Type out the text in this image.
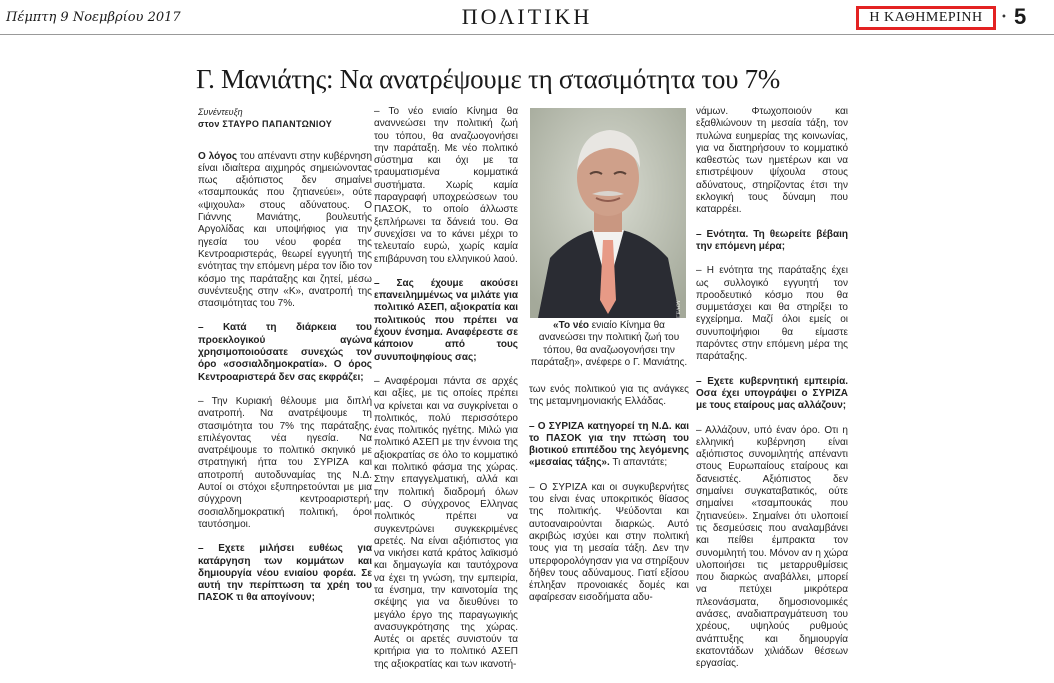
Πέμπτη 9 Νοεμβρίου 2017	ΠΟΛΙΤΙΚΗ	Η ΚΑΘΗΜΕΡΙΝΗ	• 5
Γ. Μανιάτης: Να ανατρέψουμε τη στασιμότητα του 7%
Συνέντευξη
στον ΣΤΑΥΡΟ ΠΑΠΑΝΤΩΝΙΟΥ

Ο λόγος του απέναντι στην κυβέρνηση είναι ιδιαίτερα αιχμηρός σημειώνοντας πως αξιόπιστος δεν σημαίνει «τσαμπουκάς που ζητιανεύει», ούτε «ψιχουλα» στους αδύνατους. Ο Γιάννης Μανιάτης, βουλευτής Αργολίδας και υποψήφιος για την ηγεσία του νέου φορέα της Κεντροαριστεράς, θεωρεί εγγυητή της ενότητας την επόμενη μέρα τον ίδιο τον κόσμο της παράταξης και ζητεί, μέσω συνέντευξης στην «Κ», ανατροπή της στασιμότητας του 7%.

– Κατά τη διάρκεια του προεκλογικού αγώνα χρησιμοποιούσατε συνεχώς τον όρο «σοσιαλδημοκρατία». Ο όρος Κεντροαριστερά δεν σας εκφράζει;

– Την Κυριακή θέλουμε μια διπλή ανατροπή. Να ανατρέψουμε τη στασιμότητα του 7% της παράταξης, επιλέγοντας νέα ηγεσία. Να ανατρέψουμε το πολιτικό σκηνικό με στρατηγική ήττα του ΣΥΡΙΖΑ και αποτροπή αυτοδυναμίας της Ν.Δ. Αυτοί οι στόχοι εξυπηρετούνται με μια σύγχρονη κεντροαριστερή, σοσιαλδημοκρατική πολιτική, όροι ταυτόσημοι.

– Εχετε μιλήσει ευθέως για κατάργηση των κομμάτων και δημιουργία νέου ενιαίου φορέα. Σε αυτή την περίπτωση τα χρέη του ΠΑΣΟΚ τι θα απογίνουν;

– Το νέο ενιαίο Κίνημα θα αναννεώσει την πολιτική ζωή του τόπου, θα αναζωογονήσει την παράταξη. Με νέο πολιτικό σύστημα και όχι με τα τραυματισμένα κομματικά συστήματα. Χωρίς καμία παραγραφή υποχρεώσεων του ΠΑΣΟΚ, το οποίο άλλωστε ξεπλήρωνει τα δάνειά του. Θα συνεχίσει να το κάνει μέχρι το τελευταίο ευρώ, χωρίς καμία επιβάρυνση του ελληνικού λαού.

– Σας έχουμε ακούσει επανειλημμένως να μιλάτε για πολιτικό ΑΣΕΠ, αξιοκρατία και πολιτικούς που πρέπει να έχουν ένσημα. Αναφέρεστε σε κάποιον από τους συνυποψηφίους σας;

– Αναφέρομαι πάντα σε αρχές και αξίες, με τις οποίες πρέπει να κρίνεται και να συγκρίνεται ο πολιτικός, πολύ περισσότερο ένας πολιτικός ηγέτης. Μιλώ για πολιτικό ΑΣΕΠ με την έννοια της αξιοκρατίας σε όλο το κομματικό και πολιτικό φάσμα της χώρας. Στην επαγγελματική, αλλά και την πολιτική διαδρομή όλων μας. Ο σύγχρονος Ελληνας πολιτικός πρέπει να συγκεντρώνει συγκεκριμένες αρετές. Να είναι αξιόπιστος για να νικήσει κατά κράτος λαϊκισμό και δημαγωγία και ταυτόχρονα να έχει τη γνώση, την εμπειρία, τα ένσημα, την καινοτομία της σκέψης για να διευθύνει το μεγάλο έργο της παραγωγικής ανασυγκρότησης της χώρας. Αυτές οι αρετές συνιστούν τα κριτήρια για το πολιτικό ΑΣΕΠ της αξιοκρατίας και των ικανοτή-

ΔΗΜΗΤΡΗΣ ΠΑΠΑΓΓΕΛΟΥ
«Το νέο ενιαίο Κίνημα θα ανανεώσει την πολιτική ζωή του τόπου, θα αναζωογονήσει την παράταξη», ανέφερε ο Γ. Μανιάτης.

των ενός πολιτικού για τις ανάγκες της μεταμνημονιακής Ελλάδας.

– Ο ΣΥΡΙΖΑ κατηγορεί τη Ν.Δ. και το ΠΑΣΟΚ για την πτώση του βιοτικού επιπέδου της λεγόμενης «μεσαίας τάξης». Τι απαντάτε;

– Ο ΣΥΡΙΖΑ και οι συγκυβερνήτες του είναι ένας υποκριτικός θίασος της πολιτικής. Ψεύδονται και αυτοαναιρούνται διαρκώς. Αυτό ακριβώς ισχύει και στην πολιτική τους για τη μεσαία τάξη. Δεν την υπερφορολόγησαν για να στηρίξουν δήθεν τους αδύναμους. Γιατί εξίσου έπληξαν προνοιακές δομές και αφαίρεσαν εισοδήματα αδυ-

νάμων. Φτωχοποιούν και εξαθλιώνουν τη μεσαία τάξη, τον πυλώνα ευημερίας της κοινωνίας, για να διατηρήσουν το κομματικό καθεστώς των ημετέρων και να επιστρέψουν ψίχουλα στους αδύνατους, στηρίζοντας έτσι την εκλογική τους δύναμη που καταρρέει.

– Ενότητα. Τη θεωρείτε βέβαιη την επόμενη μέρα;

– Η ενότητα της παράταξης έχει ως συλλογικό εγγυητή τον προοδευτικό κόσμο που θα συμμετάσχει και θα στηρίξει το εγχείρημα. Μαζί όλοι εμείς οι συνυποψήφιοι θα είμαστε παρόντες στην επόμενη μέρα της παράταξης.

– Εχετε κυβερνητική εμπειρία. Οσα έχει υπογράψει ο ΣΥΡΙΖΑ με τους εταίρους μας αλλάζουν;

– Αλλάζουν, υπό έναν όρο. Οτι η ελληνική κυβέρνηση είναι αξιόπιστος συνομιλητής απέναντι στους Ευρωπαίους εταίρους και δανειστές. Αξιόπιστος δεν σημαίνει συγκαταβατικός, ούτε σημαίνει «τσαμπουκάς που ζητιανεύει». Σημαίνει ότι υλοποιεί τις δεσμεύσεις που αναλαμβάνει και πείθει έμπρακτα τον συνομιλητή του. Μόνον αν η χώρα υλοποιήσει τις μεταρρυθμίσεις που διαρκώς αναβάλλει, μπορεί να πετύχει μικρότερα πλεονάσματα, δημοσιονομικές ανάσες, αναδιαπραγμάτευση του χρέους, υψηλούς ρυθμούς ανάπτυξης και δημιουργία εκατοντάδων χιλιάδων θέσεων εργασίας.
